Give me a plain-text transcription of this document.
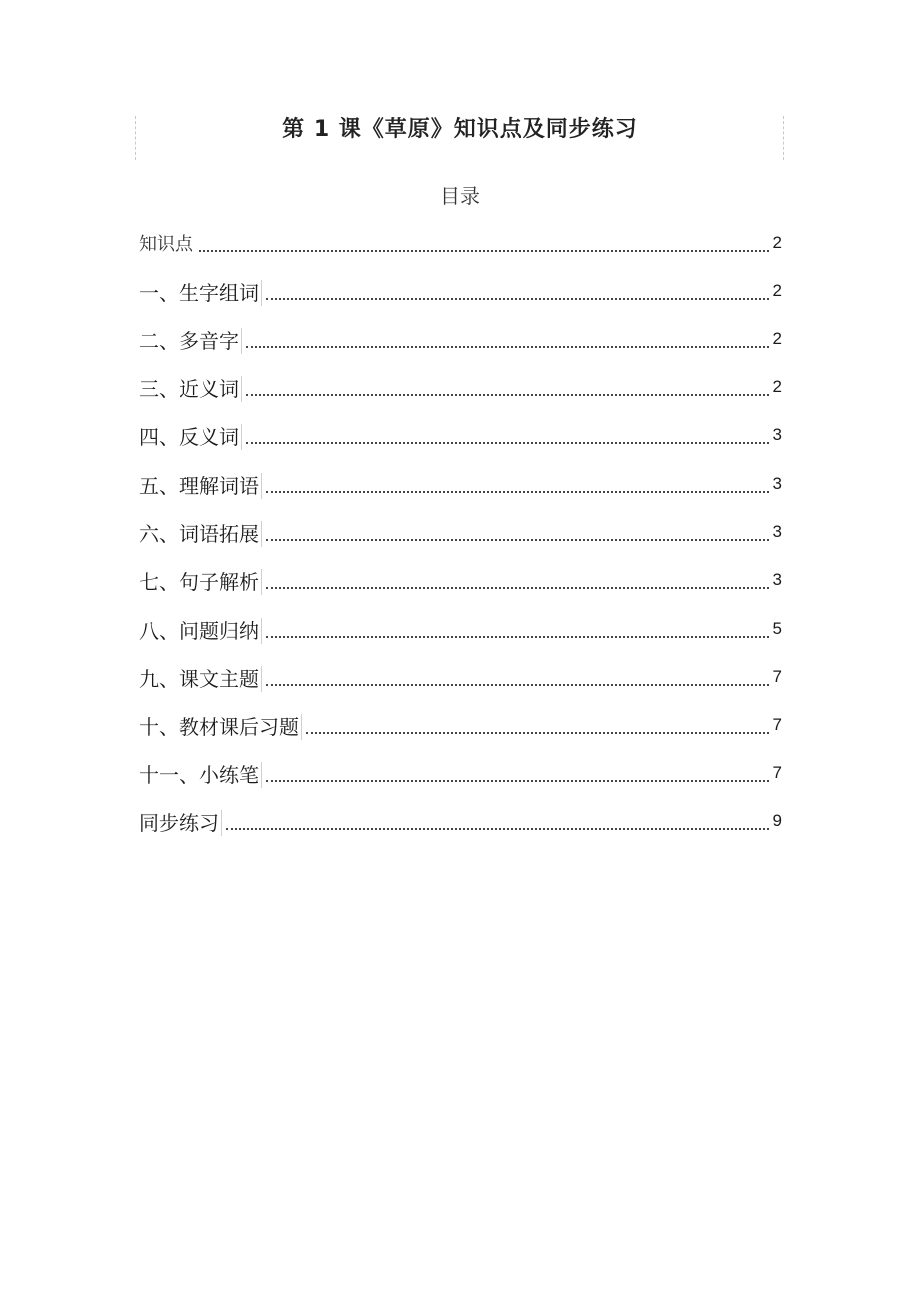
第 1 课《草原》知识点及同步练习
目录
知识点	2
一、生字组词	2
二、多音字	2
三、近义词	2
四、反义词	3
五、理解词语	3
六、词语拓展	3
七、句子解析	3
八、问题归纳	5
九、课文主题	7
十、教材课后习题	7
十一、小练笔	7
同步练习	9
